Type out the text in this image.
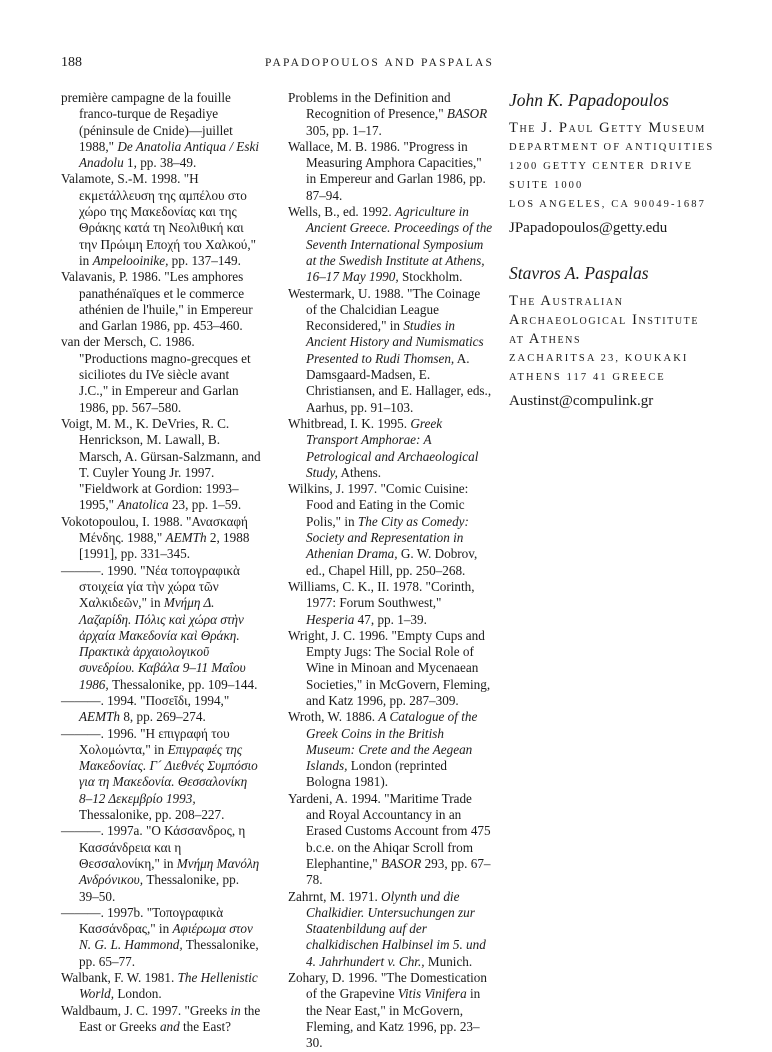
188	PAPADOPOULOS AND PASPALAS
première campagne de la fouille franco-turque de Reşadiye (péninsule de Cnide)—juillet 1988," De Anatolia Antiqua / Eski Anadolu 1, pp. 38–49.
Valamote, S.-M. 1998. "Η εκμετάλλευση της αμπέλου στο χώρο της Μακεδονίας και της Θράκης κατά τη Νεολιθική και την Πρώιμη Εποχή του Χαλκού," in Ampelooinike, pp. 137–149.
Valavanis, P. 1986. "Les amphores panathénaïques et le commerce athénien de l'huile," in Empereur and Garlan 1986, pp. 453–460.
van der Mersch, C. 1986. "Productions magno-grecques et siciliotes du IVe siècle avant J.C.," in Empereur and Garlan 1986, pp. 567–580.
Voigt, M. M., K. DeVries, R. C. Henrickson, M. Lawall, B. Marsch, A. Gürsan-Salzmann, and T. Cuyler Young Jr. 1997. "Fieldwork at Gordion: 1993–1995," Anatolica 23, pp. 1–59.
Vokotopoulou, I. 1988. "Ανασκαφή Μένδης. 1988," AEMTh 2, 1988 [1991], pp. 331–345.
———. 1990. "Νέα τοπογραφικὰ στοιχεία γία τὴν χώρα τῶν Χαλκιδεῶν," in Μνήμη Δ. Λαζαρίδη. Πόλις καὶ χώρα στὴν ἀρχαία Μακεδονία καὶ Θράκη. Πρακτικὰ ἀρχαιολογικοῦ συνεδρίου. Καβάλα 9–11 Μαΐου 1986, Thessalonike, pp. 109–144.
———. 1994. "Ποσεῖδι, 1994," AEMTh 8, pp. 269–274.
———. 1996. "Η επιγραφή του Χολομώντα," in Επιγραφές της Μακεδονίας. Γ´ Διεθνές Συμπόσιο για τη Μακεδονία. Θεσσαλονίκη 8–12 Δεκεμβρίο 1993, Thessalonike, pp. 208–227.
———. 1997a. "Ο Κάσσανδρος, η Κασσάνδρεια και η Θεσσαλονίκη," in Μνήμη Μανόλη Ανδρόνικου, Thessalonike, pp. 39–50.
———. 1997b. "Τοπογραφικὰ Κασσάνδρας," in Αφιέρωμα στον N. G. L. Hammond, Thessalonike, pp. 65–77.
Walbank, F. W. 1981. The Hellenistic World, London.
Waldbaum, J. C. 1997. "Greeks in the East or Greeks and the East?
Problems in the Definition and Recognition of Presence," BASOR 305, pp. 1–17.
Wallace, M. B. 1986. "Progress in Measuring Amphora Capacities," in Empereur and Garlan 1986, pp. 87–94.
Wells, B., ed. 1992. Agriculture in Ancient Greece. Proceedings of the Seventh International Symposium at the Swedish Institute at Athens, 16–17 May 1990, Stockholm.
Westermark, U. 1988. "The Coinage of the Chalcidian League Reconsidered," in Studies in Ancient History and Numismatics Presented to Rudi Thomsen, A. Damsgaard-Madsen, E. Christiansen, and E. Hallager, eds., Aarhus, pp. 91–103.
Whitbread, I. K. 1995. Greek Transport Amphorae: A Petrological and Archaeological Study, Athens.
Wilkins, J. 1997. "Comic Cuisine: Food and Eating in the Comic Polis," in The City as Comedy: Society and Representation in Athenian Drama, G. W. Dobrov, ed., Chapel Hill, pp. 250–268.
Williams, C. K., II. 1978. "Corinth, 1977: Forum Southwest," Hesperia 47, pp. 1–39.
Wright, J. C. 1996. "Empty Cups and Empty Jugs: The Social Role of Wine in Minoan and Mycenaean Societies," in McGovern, Fleming, and Katz 1996, pp. 287–309.
Wroth, W. 1886. A Catalogue of the Greek Coins in the British Museum: Crete and the Aegean Islands, London (reprinted Bologna 1981).
Yardeni, A. 1994. "Maritime Trade and Royal Accountancy in an Erased Customs Account from 475 b.c.e. on the Ahiqar Scroll from Elephantine," BASOR 293, pp. 67–78.
Zahrnt, M. 1971. Olynth und die Chalkidier. Untersuchungen zur Staatenbildung auf der chalkidischen Halbinsel im 5. und 4. Jahrhundert v. Chr., Munich.
Zohary, D. 1996. "The Domestication of the Grapevine Vitis Vinifera in the Near East," in McGovern, Fleming, and Katz 1996, pp. 23–30.
John K. Papadopoulos
The J. Paul Getty Museum
DEPARTMENT OF ANTIQUITIES
1200 GETTY CENTER DRIVE
SUITE 1000
LOS ANGELES, CA 90049-1687
JPapadopoulos@getty.edu
Stavros A. Paspalas
The Australian
Archaeological Institute
at Athens
ZACHARITSA 23, KOUKAKI
ATHENS 117 41 GREECE
Austinst@compulink.gr
